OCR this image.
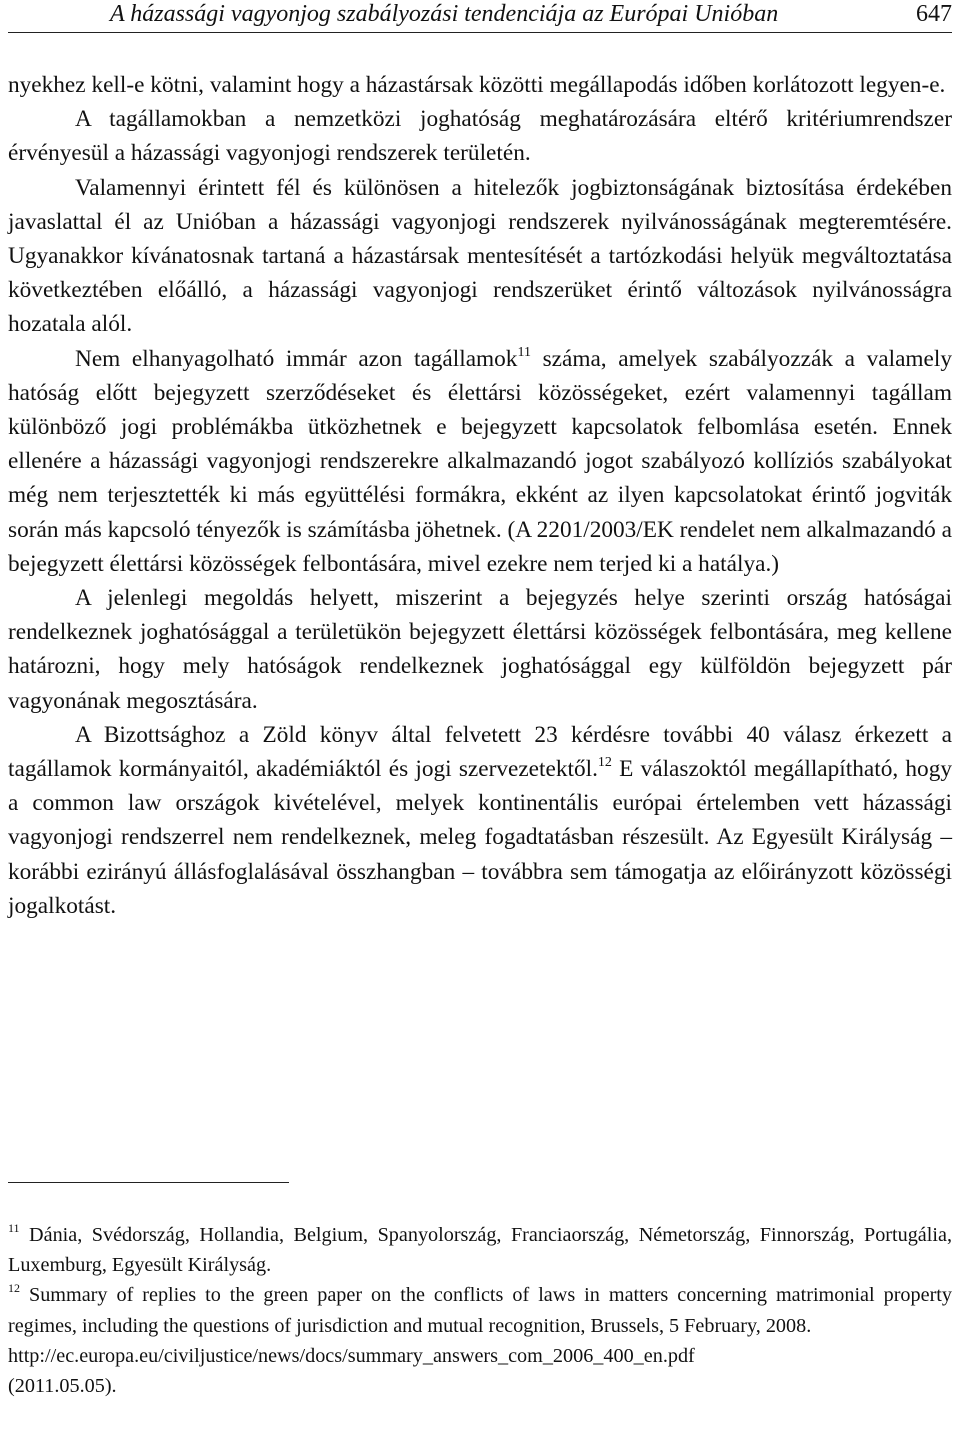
A házassági vagyonjog szabályozási tendenciája az Európai Unióban	647

nyekhez kell-e kötni, valamint hogy a házastársak közötti megállapodás időben korlátozott legyen-e.

A tagállamokban a nemzetközi joghatóság meghatározására eltérő kritériumrendszer érvényesül a házassági vagyonjogi rendszerek területén.

Valamennyi érintett fél és különösen a hitelezők jogbiztonságának biztosítása érdekében javaslattal él az Unióban a házassági vagyonjogi rendszerek nyilvánosságának megteremtésére. Ugyanakkor kívánatosnak tartaná a házastársak mentesítését a tartózkodási helyük megváltoztatása következtében előálló, a házassági vagyonjogi rendszerüket érintő változások nyilvánosságra hozatala alól.

Nem elhanyagolható immár azon tagállamok$^{11}$ száma, amelyek szabályozzák a valamely hatóság előtt bejegyzett szerződéseket és élettársi közösségeket, ezért valamennyi tagállam különböző jogi problémákba ütközhetnek e bejegyzett kapcsolatok felbomlása esetén. Ennek ellenére a házassági vagyonjogi rendszerekre alkalmazandó jogot szabályozó kollíziós szabályokat még nem terjesztették ki más együttélési formákra, ekként az ilyen kapcsolatokat érintő jogviták során más kapcsoló tényezők is számításba jöhetnek. (A 2201/2003/EK rendelet nem alkalmazandó a bejegyzett élettársi közösségek felbontására, mivel ezekre nem terjed ki a hatálya.)

A jelenlegi megoldás helyett, miszerint a bejegyzés helye szerinti ország hatóságai rendelkeznek joghatósággal a területükön bejegyzett élettársi közösségek felbontására, meg kellene határozni, hogy mely hatóságok rendelkeznek joghatósággal egy külföldön bejegyzett pár vagyonának megosztására.

A Bizottsághoz a Zöld könyv által felvetett 23 kérdésre további 40 válasz érkezett a tagállamok kormányaitól, akadémiáktól és jogi szervezetektől.$^{12}$ E válaszoktól megállapítható, hogy a common law országok kivételével, melyek kontinentális európai értelemben vett házassági vagyonjogi rendszerrel nem rendelkeznek, meleg fogadtatásban részesült. Az Egyesült Királyság – korábbi ezirányú állásfoglalásával összhangban – továbbra sem támogatja az előirányzott közösségi jogalkotást.

$^{11}$ Dánia, Svédország, Hollandia, Belgium, Spanyolország, Franciaország, Németország, Finnország, Portugália, Luxemburg, Egyesült Királyság.

$^{12}$ Summary of replies to the green paper on the conflicts of laws in matters concerning matrimonial property regimes, including the questions of jurisdiction and mutual recognition, Brussels, 5 February, 2008.

http://ec.europa.eu/civiljustice/news/docs/summary_answers_com_2006_400_en.pdf

(2011.05.05).
